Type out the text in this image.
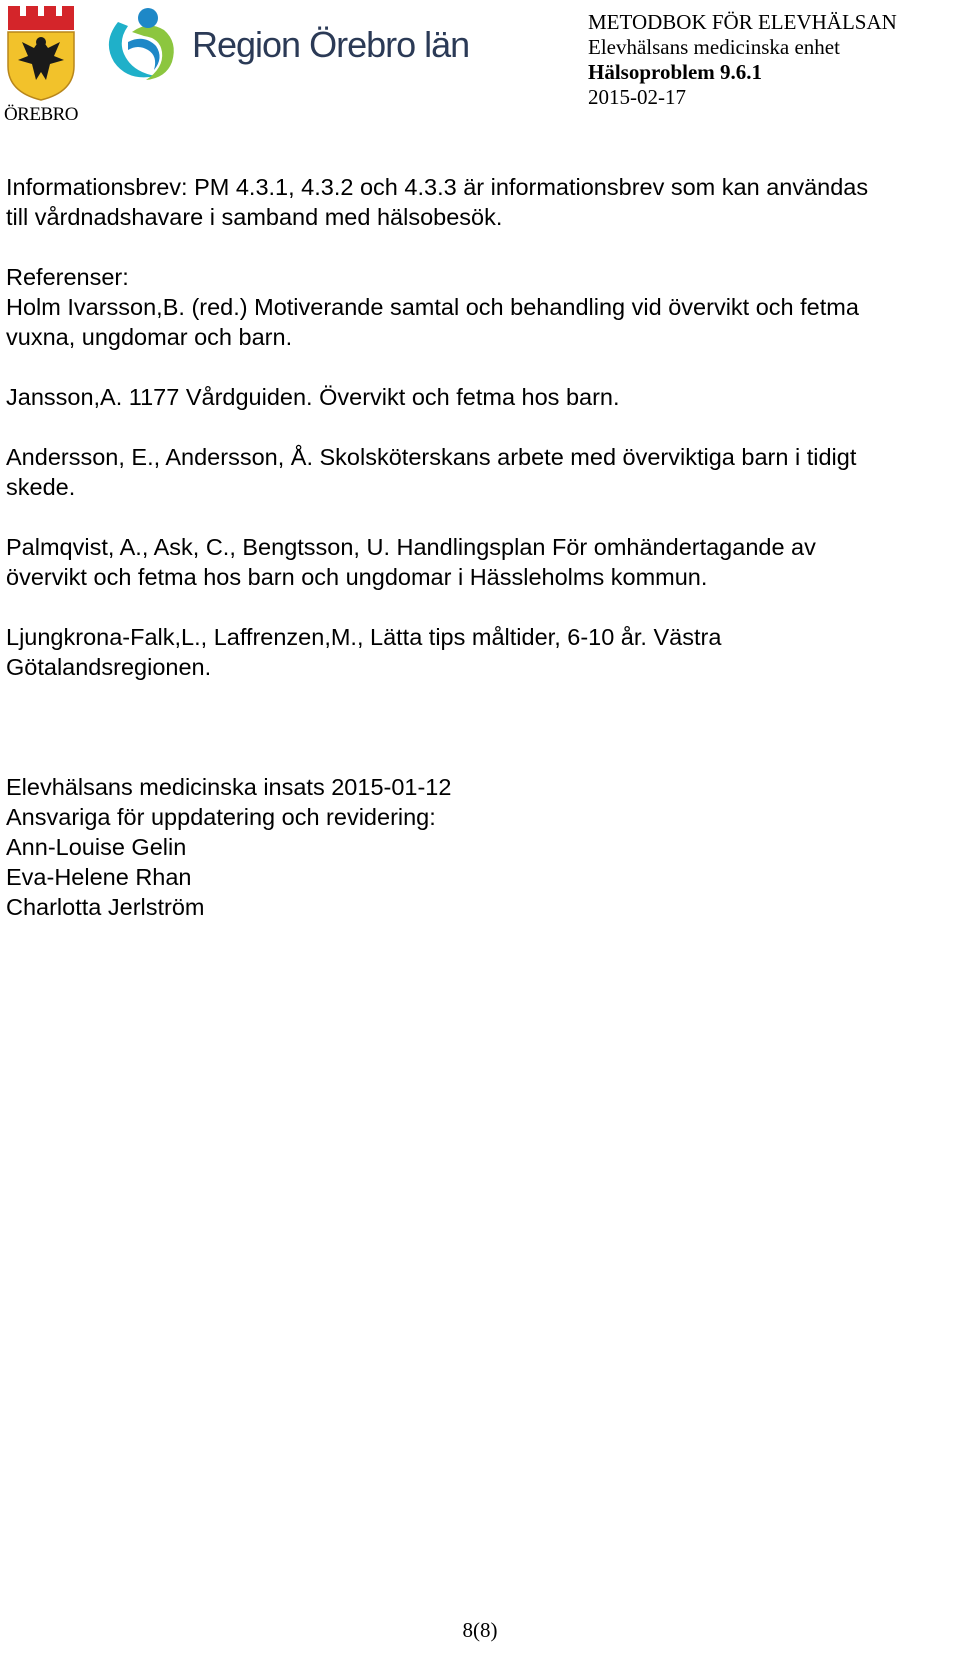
ÖREBRO
Region Örebro län
METODBOK FÖR ELEVHÄLSAN
Elevhälsans medicinska enhet
Hälsoproblem 9.6.1
2015-02-17

Informationsbrev: PM 4.3.1, 4.3.2 och 4.3.3 är informationsbrev som kan användas

till vårdnadshavare i samband med hälsobesök.

Referenser:

Holm Ivarsson,B. (red.) Motiverande samtal och behandling vid övervikt och fetma

vuxna, ungdomar och barn.

Jansson,A. 1177 Vårdguiden. Övervikt och fetma hos barn.

Andersson, E., Andersson, Å. Skolsköterskans arbete med överviktiga barn i tidigt

skede.

Palmqvist, A., Ask, C., Bengtsson, U. Handlingsplan För omhändertagande av

övervikt och fetma hos barn och ungdomar i Hässleholms kommun.

Ljungkrona-Falk,L., Laffrenzen,M., Lätta tips måltider, 6-10 år. Västra

Götalandsregionen.

Elevhälsans medicinska insats 2015-01-12

Ansvariga för uppdatering och revidering:

Ann-Louise Gelin

Eva-Helene Rhan

Charlotta Jerlström

8(8)
